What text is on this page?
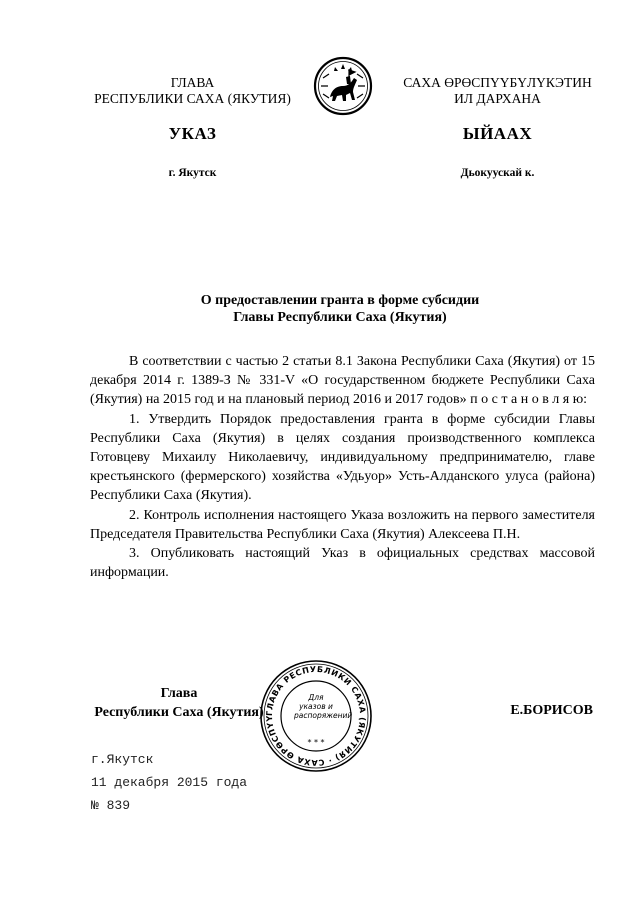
ГЛАВА
РЕСПУБЛИКИ САХА (ЯКУТИЯ)
САХА ӨРӨСПҮҮБҮЛҮКЭТИН
ИЛ ДАРХАНА
УКАЗ	ЫЙААХ
г. Якутск	Дьокуускай к.
О предоставлении гранта в форме субсидии
Главы Республики Саха (Якутия)

В соответствии с частью 2 статьи 8.1 Закона Республики Саха (Якутия) от 15 декабря 2014 г. 1389-З № 331-V «О государственном бюджете Республики Саха (Якутия) на 2015 год и на плановый период 2016 и 2017 годов» п о с т а н о в л я ю:

1. Утвердить Порядок предоставления гранта в форме субсидии Главы Республики Саха (Якутия) в целях создания производственного комплекса Готовцеву Михаилу Николаевичу, индивидуальному предпринимателю, главе крестьянского (фермерского) хозяйства «Удьуор» Усть-Алданского улуса (района) Республики Саха (Якутия).

2. Контроль исполнения настоящего Указа возложить на первого заместителя Председателя Правительства Республики Саха (Якутия) Алексеева П.Н.

3. Опубликовать настоящий Указ в официальных средствах массовой информации.

ГЛАВА РЕСПУБЛИКИ САХА (ЯКУТИЯ) · САХА ӨРӨСПҮҮ
* * *
Для
указов и
распоряжений
Глава
Республики Саха (Якутия)	Е.БОРИСОВ
г.Якутск
11 декабря 2015 года
№ 839
